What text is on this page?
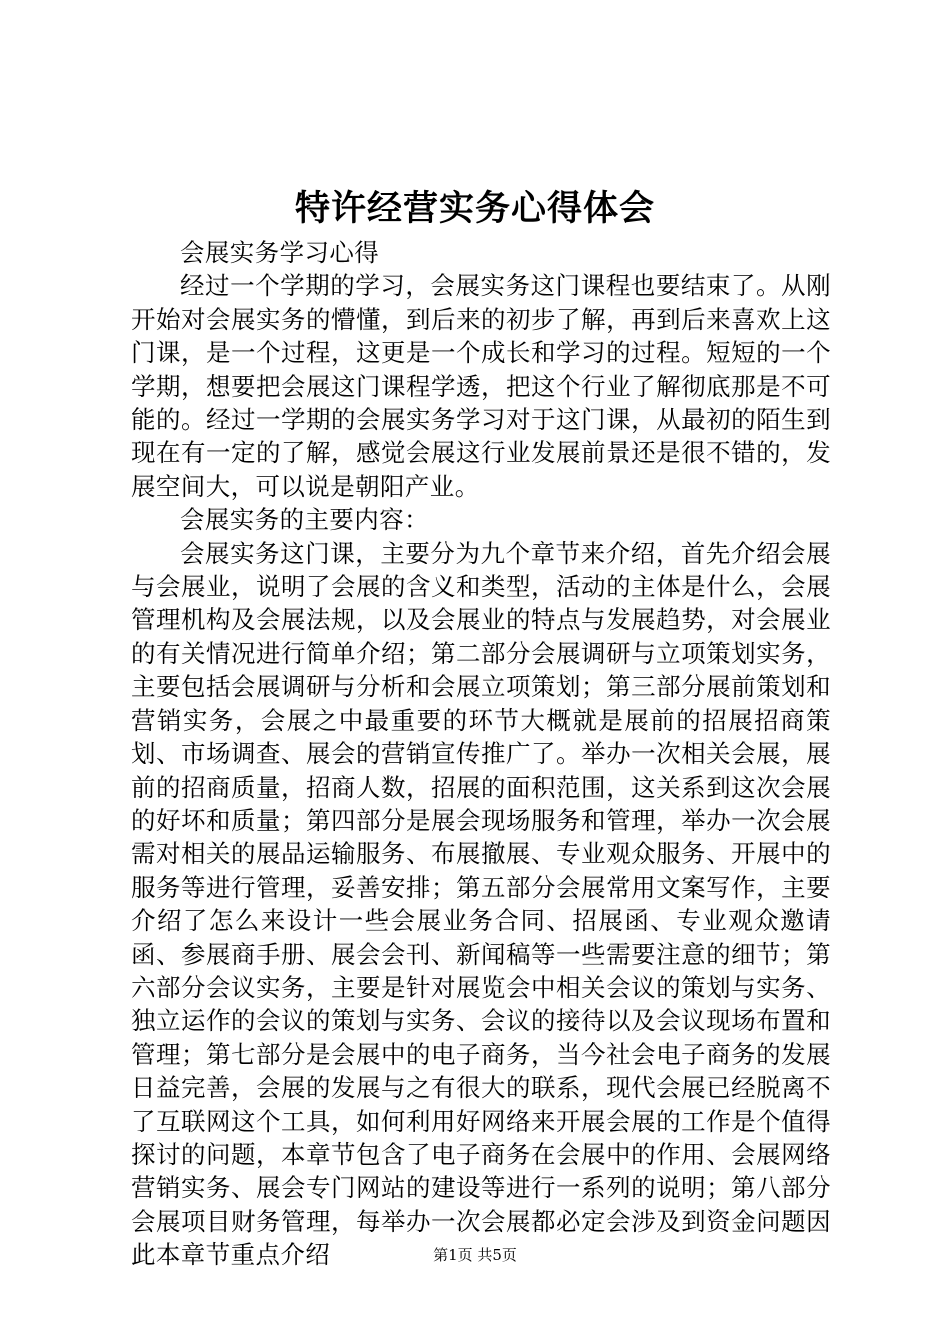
特许经营实务心得体会

会展实务学习心得

经过一个学期的学习，会展实务这门课程也要结束了。从刚开始对会展实务的懵懂，到后来的初步了解，再到后来喜欢上这门课，是一个过程，这更是一个成长和学习的过程。短短的一个学期，想要把会展这门课程学透，把这个行业了解彻底那是不可能的。经过一学期的会展实务学习对于这门课，从最初的陌生到现在有一定的了解，感觉会展这行业发展前景还是很不错的，发展空间大，可以说是朝阳产业。

会展实务的主要内容：

会展实务这门课，主要分为九个章节来介绍，首先介绍会展与会展业，说明了会展的含义和类型，活动的主体是什么，会展管理机构及会展法规，以及会展业的特点与发展趋势，对会展业的有关情况进行简单介绍；第二部分会展调研与立项策划实务，主要包括会展调研与分析和会展立项策划；第三部分展前策划和营销实务，会展之中最重要的环节大概就是展前的招展招商策划、市场调查、展会的营销宣传推广了。举办一次相关会展，展前的招商质量，招商人数，招展的面积范围，这关系到这次会展的好坏和质量；第四部分是展会现场服务和管理，举办一次会展需对相关的展品运输服务、布展撤展、专业观众服务、开展中的服务等进行管理，妥善安排；第五部分会展常用文案写作，主要介绍了怎么来设计一些会展业务合同、招展函、专业观众邀请函、参展商手册、展会会刊、新闻稿等一些需要注意的细节；第六部分会议实务，主要是针对展览会中相关会议的策划与实务、独立运作的会议的策划与实务、会议的接待以及会议现场布置和管理；第七部分是会展中的电子商务，当今社会电子商务的发展日益完善，会展的发展与之有很大的联系，现代会展已经脱离不了互联网这个工具，如何利用好网络来开展会展的工作是个值得探讨的问题，本章节包含了电子商务在会展中的作用、会展网络营销实务、展会专门网站的建设等进行一系列的说明；第八部分会展项目财务管理，每举办一次会展都必定会涉及到资金问题因此本章节重点介绍	第1页 共5页
